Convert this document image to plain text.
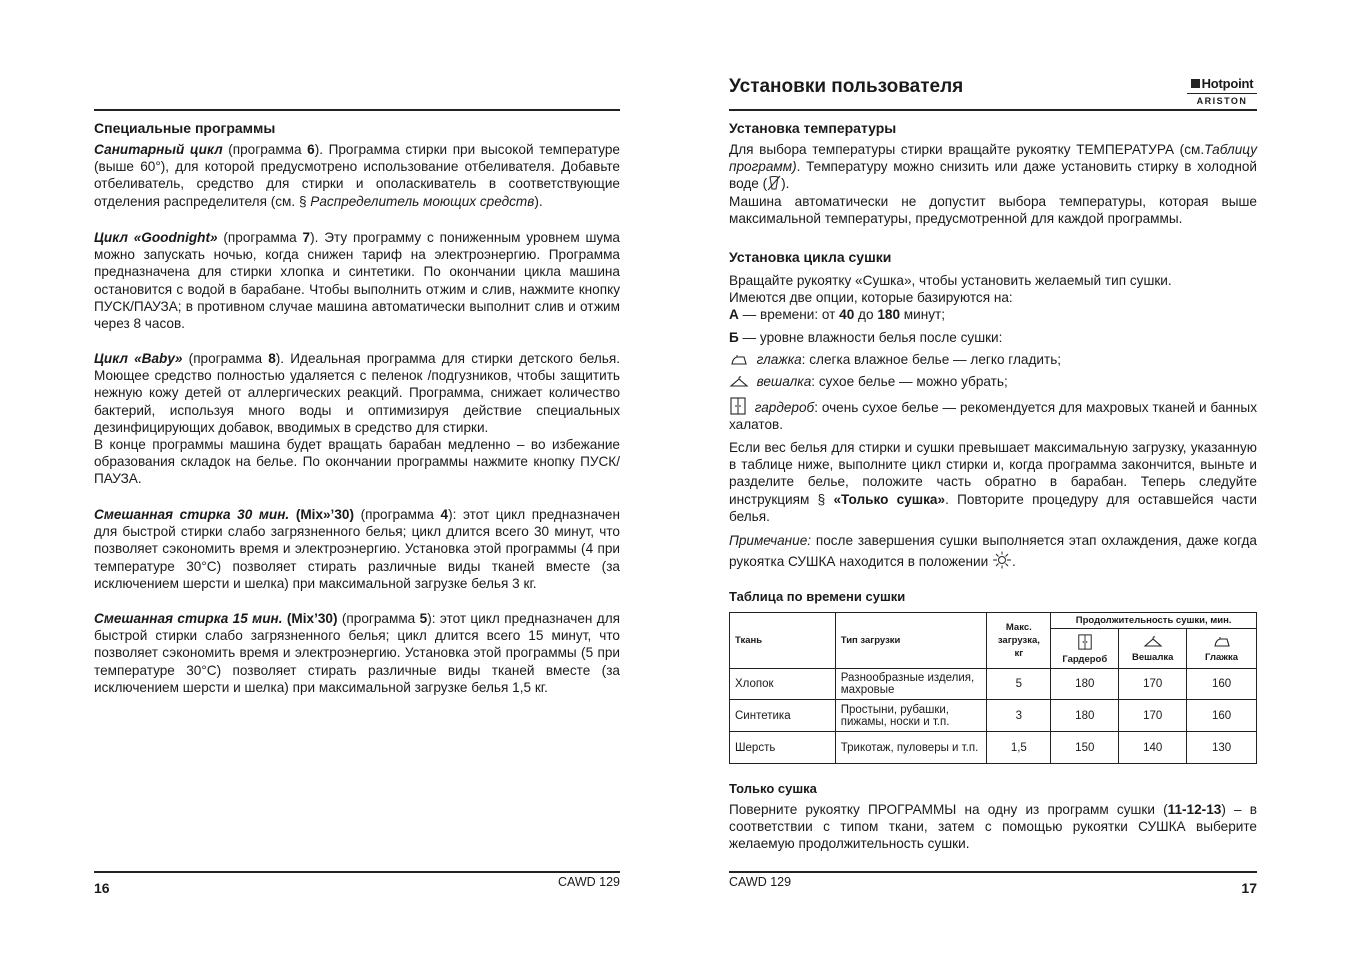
Специальные программы

Санитарный цикл (программа 6). Программа стирки при высокой температуре (выше 60°), для которой предусмотрено использование отбеливателя. Добавьте отбеливатель, средство для стирки и ополаскиватель в соответствующие отделения распределителя (см. § Распределитель моющих средств).

Цикл «Goodnight» (программа 7). Эту программу с пониженным уровнем шума можно запускать ночью, когда снижен тариф на электроэнергию. Программа предназначена для стирки хлопка и синтетики. По окончании цикла машина остановится с водой в барабане. Чтобы выполнить отжим и слив, нажмите кнопку ПУСК/ПАУЗА; в противном случае машина автоматически выполнит слив и отжим через 8 часов.

Цикл «Baby» (программа 8). Идеальная программа для стирки детского белья. Моющее средство полностью удаляется с пеленок /подгузников, чтобы защитить нежную кожу детей от аллергических реакций. Программа, снижает количество бактерий, используя много воды и оптимизируя действие специальных дезинфицирующих добавок, вводимых в средство для стирки.

В конце программы машина будет вращать барабан медленно – во избежание образования складок на белье. По окончании программы нажмите кнопку ПУСК/ПАУЗА.

Смешанная стирка 30 мин. (Mix»’30) (программа 4): этот цикл предназначен для быстрой стирки слабо загрязненного белья; цикл длится всего 30 минут, что позволяет сэкономить время и электроэнергию. Установка этой программы (4 при температуре 30°C) позволяет стирать различные виды тканей вместе (за исключением шерсти и шелка) при максимальной загрузке белья 3 кг.

Смешанная стирка 15 мин. (Mix’30) (программа 5): этот цикл предназначен для быстрой стирки слабо загрязненного белья; цикл длится всего 15 минут, что позволяет сэкономить время и электроэнергию. Установка этой программы (5 при температуре 30°C) позволяет стирать различные виды тканей вместе (за исключением шерсти и шелка) при максимальной загрузке белья 1,5 кг.

16	CAWD 129
Установки пользователя	Hotpoint
ARISTON
Установка температуры

Для выбора температуры стирки вращайте рукоятку ТЕМПЕРАТУРА (см.Таблицу программ). Температуру можно снизить или даже установить стирку в холодной воде ( ).

Машина автоматически не допустит выбора температуры, которая выше максимальной температуры, предусмотренной для каждой программы.

Установка цикла сушки

Вращайте рукоятку «Сушка», чтобы установить желаемый тип сушки.

Имеются две опции, которые базируются на:

А — времени: от 40 до 180 минут;

Б — уровне влажности белья после сушки:

глажка: слегка влажное белье — легко гладить;

вешалка: сухое белье — можно убрать;

гардероб: очень сухое белье — рекомендуется для махровых тканей и банных халатов.

Если вес белья для стирки и сушки превышает максимальную загрузку, указанную в таблице ниже, выполните цикл стирки и, когда программа закончится, выньте и разделите белье, положите часть обратно в барабан. Теперь следуйте инструкциям § «Только сушка». Повторите процедуру для оставшейся части белья.

Примечание: после завершения сушки выполняется этап охлаждения, даже когда рукоятка СУШКА находится в положении .

Таблица по времени сушки
Ткань	Тип загрузки	Макс. загрузка, кг	Продолжительность сушки, мин.		

Гардероб	Вешалка	Глажка
Хлопок	Разнообразные изделия, махровые	5	180	170	160
Синтетика	Простыни, рубашки, пижамы, носки и т.п.	3	180	170	160
Шерсть	Трикотаж, пуловеры и т.п.	1,5	150	140	130
Только сушка

Поверните рукоятку ПРОГРАММЫ на одну из программ сушки (11-12-13) – в соответствии с типом ткани, затем с помощью рукоятки СУШКА выберите желаемую продолжительность сушки.

CAWD 129	17
